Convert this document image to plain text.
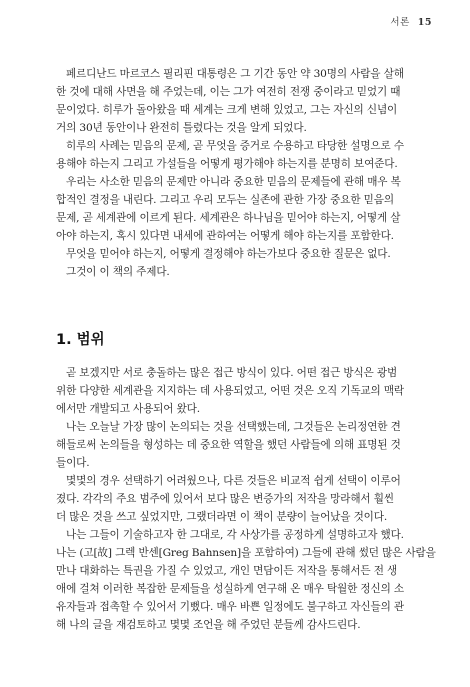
서론 15

페르디난드 마르코스 필리핀 대통령은 그 기간 동안 약 30명의 사람을 살해

한 것에 대해 사면을 해 주었는데, 이는 그가 여전히 전쟁 중이라고 믿었기 때

문이었다. 히루가 돌아왔을 때 세계는 크게 변해 있었고, 그는 자신의 신념이

거의 30년 동안이나 완전히 틀렸다는 것을 알게 되었다.

히루의 사례는 믿음의 문제, 곧 무엇을 증거로 수용하고 타당한 설명으로 수

용해야 하는지 그리고 가설들을 어떻게 평가해야 하는지를 분명히 보여준다.

우리는 사소한 믿음의 문제만 아니라 중요한 믿음의 문제들에 관해 매우 복

합적인 결정을 내린다. 그리고 우리 모두는 실존에 관한 가장 중요한 믿음의

문제, 곧 세계관에 이르게 된다. 세계관은 하나님을 믿어야 하는지, 어떻게 살

아야 하는지, 혹시 있다면 내세에 관하여는 어떻게 해야 하는지를 포함한다.

무엇을 믿어야 하는지, 어떻게 결정해야 하는가보다 중요한 질문은 없다.

그것이 이 책의 주제다.

1. 범위

곧 보겠지만 서로 충돌하는 많은 접근 방식이 있다. 어떤 접근 방식은 광범

위한 다양한 세계관을 지지하는 데 사용되었고, 어떤 것은 오직 기독교의 맥락

에서만 개발되고 사용되어 왔다.

나는 오늘날 가장 많이 논의되는 것을 선택했는데, 그것들은 논리정연한 견

해들로써 논의들을 형성하는 데 중요한 역할을 했던 사람들에 의해 표명된 것

들이다.

몇몇의 경우 선택하기 어려웠으나, 다른 것들은 비교적 쉽게 선택이 이루어

졌다. 각각의 주요 범주에 있어서 보다 많은 변증가의 저작을 망라해서 훨씬

더 많은 것을 쓰고 싶었지만, 그랬더라면 이 책이 분량이 늘어났을 것이다.

나는 그들이 기술하고자 한 그대로, 각 사상가를 공정하게 설명하고자 했다.

나는 (고[故] 그렉 반센[Greg Bahnsen]을 포함하여) 그들에 관해 썼던 많은 사람을

만나 대화하는 특권을 가질 수 있었고, 개인 면담이든 저작을 통해서든 전 생

애에 걸쳐 이러한 복잡한 문제들을 성실하게 연구해 온 매우 탁월한 정신의 소

유자들과 접촉할 수 있어서 기뻤다. 매우 바쁜 일정에도 불구하고 자신들의 관

해 나의 글을 재검토하고 몇몇 조언을 해 주었던 분들께 감사드린다.
